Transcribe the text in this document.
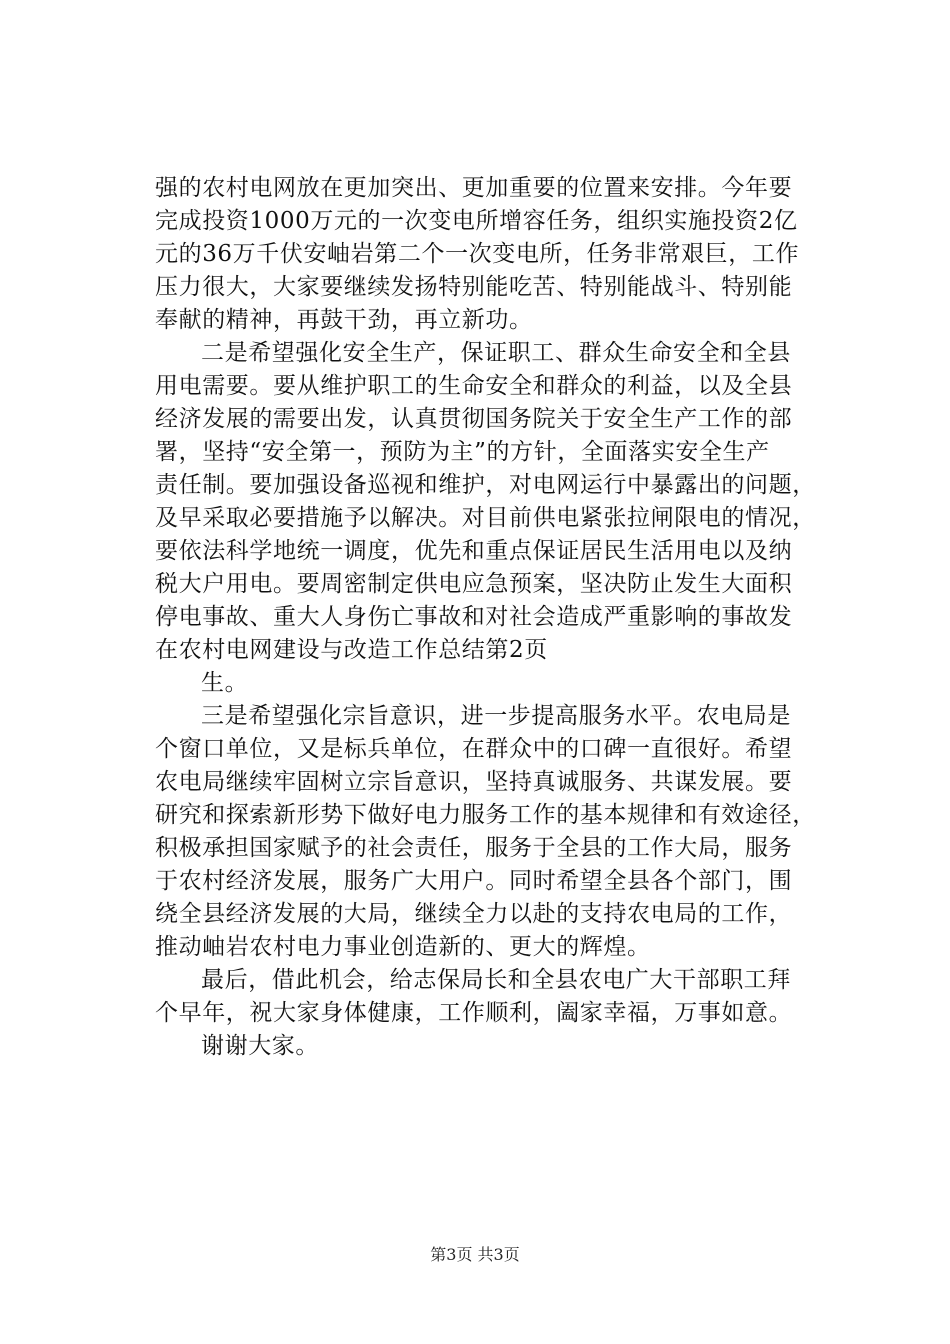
强的农村电网放在更加突出、更加重要的位置来安排。今年要
完成投资1000万元的一次变电所增容任务，组织实施投资2亿
元的36万千伏安岫岩第二个一次变电所，任务非常艰巨，工作
压力很大，大家要继续发扬特别能吃苦、特别能战斗、特别能
奉献的精神，再鼓干劲，再立新功。
二是希望强化安全生产，保证职工、群众生命安全和全县
用电需要。要从维护职工的生命安全和群众的利益，以及全县
经济发展的需要出发，认真贯彻国务院关于安全生产工作的部
署，坚持“安全第一，预防为主”的方针，全面落实安全生产
责任制。要加强设备巡视和维护，对电网运行中暴露出的问题，
及早采取必要措施予以解决。对目前供电紧张拉闸限电的情况，
要依法科学地统一调度，优先和重点保证居民生活用电以及纳
税大户用电。要周密制定供电应急预案，坚决防止发生大面积
停电事故、重大人身伤亡事故和对社会造成严重影响的事故发
在农村电网建设与改造工作总结第2页
生。
三是希望强化宗旨意识，进一步提高服务水平。农电局是
个窗口单位，又是标兵单位，在群众中的口碑一直很好。希望
农电局继续牢固树立宗旨意识，坚持真诚服务、共谋发展。要
研究和探索新形势下做好电力服务工作的基本规律和有效途径，
积极承担国家赋予的社会责任，服务于全县的工作大局，服务
于农村经济发展，服务广大用户。同时希望全县各个部门，围
绕全县经济发展的大局，继续全力以赴的支持农电局的工作，
推动岫岩农村电力事业创造新的、更大的辉煌。
最后，借此机会，给志保局长和全县农电广大干部职工拜
个早年，祝大家身体健康，工作顺利，阖家幸福，万事如意。
谢谢大家。
第3页 共3页
